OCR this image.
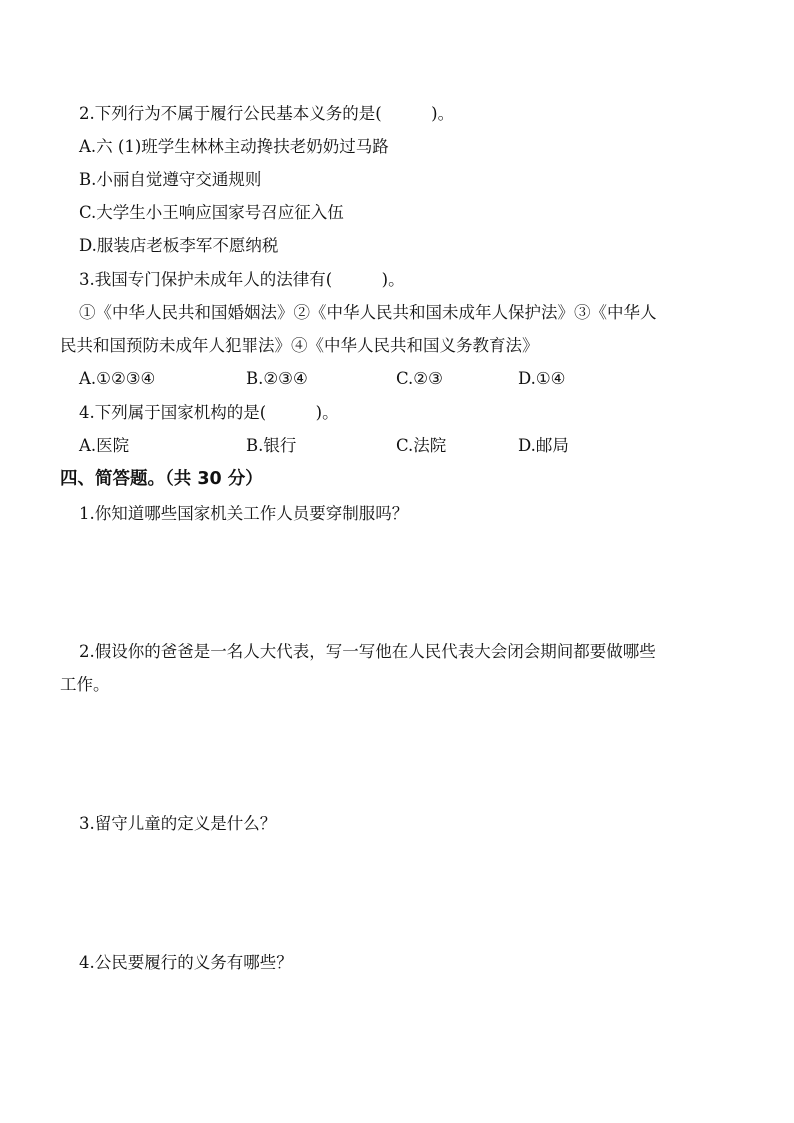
2.下列行为不属于履行公民基本义务的是(　　　)。
A.六 (1)班学生林林主动搀扶老奶奶过马路
B.小丽自觉遵守交通规则
C.大学生小王响应国家号召应征入伍
D.服装店老板李军不愿纳税
3.我国专门保护未成年人的法律有(　　　)。
①《中华人民共和国婚姻法》②《中华人民共和国未成年人保护法》③《中华人
民共和国预防未成年人犯罪法》④《中华人民共和国义务教育法》
A.①②③④	B.②③④	C.②③	D.①④
4.下列属于国家机构的是(　　　)。
A.医院	B.银行	C.法院	D.邮局
四、简答题。（共 30 分）
1.你知道哪些国家机关工作人员要穿制服吗？
2.假设你的爸爸是一名人大代表，写一写他在人民代表大会闭会期间都要做哪些
工作。
3.留守儿童的定义是什么？
4.公民要履行的义务有哪些？
